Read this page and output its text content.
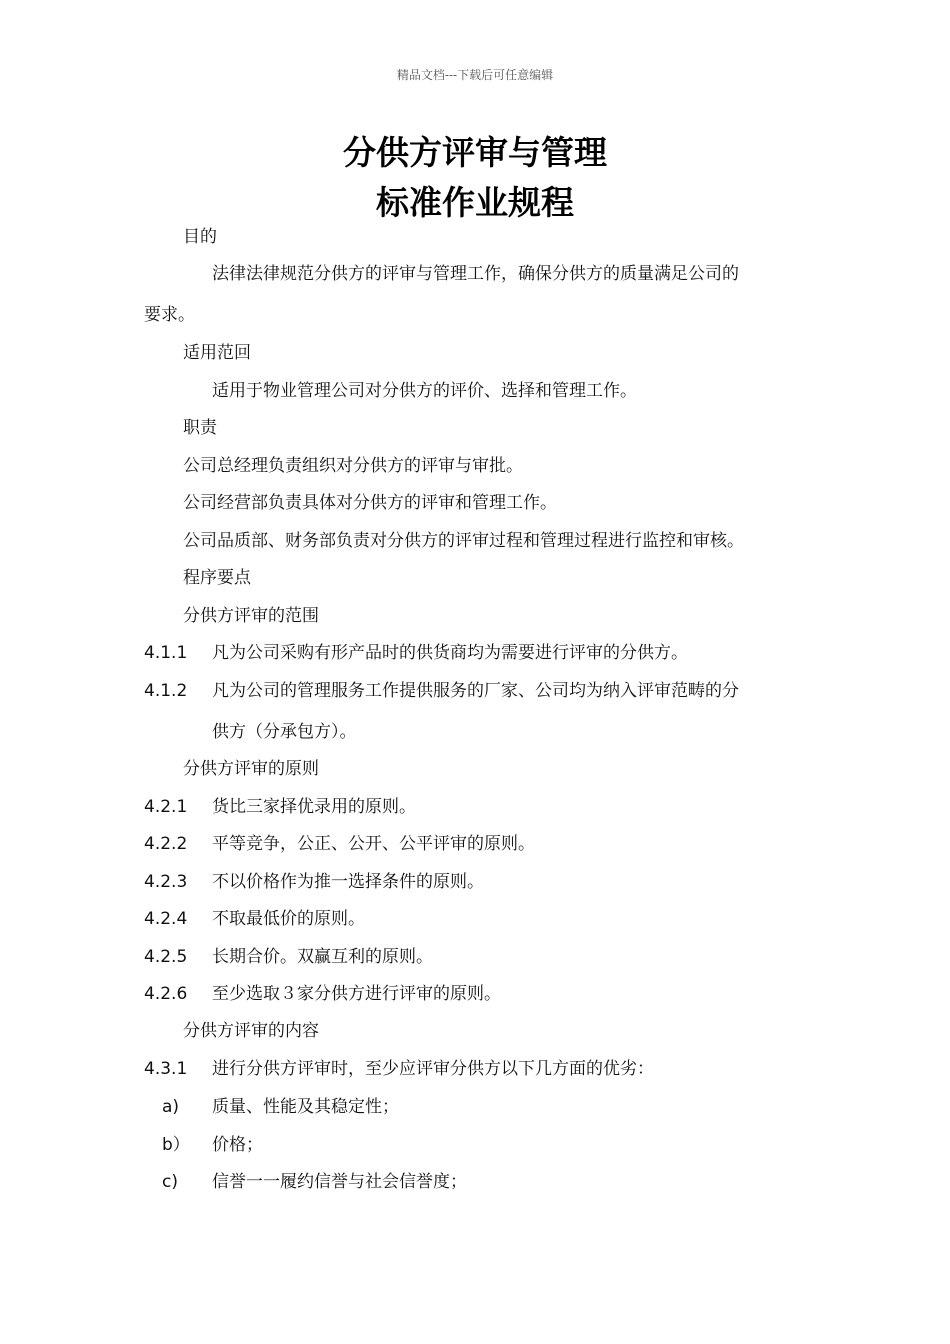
精品文档---下载后可任意编辑
分供方评审与管理
标准作业规程
目的
法律法律规范分供方的评审与管理工作，确保分供方的质量满足公司的
要求。
适用范回
适用于物业管理公司对分供方的评价、选择和管理工作。
职责
公司总经理负责组织对分供方的评审与审批。
公司经营部负责具体对分供方的评审和管理工作。
公司品质部、财务部负责对分供方的评审过程和管理过程进行监控和审核。
程序要点
分供方评审的范围
4.1.1 凡为公司采购有形产品时的供货商均为需要进行评审的分供方。
4.1.2 凡为公司的管理服务工作提供服务的厂家、公司均为纳入评审范畴的分
供方（分承包方）。
分供方评审的原则
4.2.1 货比三家择优录用的原则。
4.2.2 平等竞争，公正、公开、公平评审的原则。
4.2.3 不以价格作为推一选择条件的原则。
4.2.4 不取最低价的原则。
4.2.5 长期合价。双赢互利的原则。
4.2.6 至少选取３家分供方进行评审的原则。
分供方评审的内容
4.3.1 进行分供方评审时，至少应评审分供方以下几方面的优劣：
a) 质量、性能及其稳定性；
b） 价格；
c) 信誉一一履约信誉与社会信誉度；
